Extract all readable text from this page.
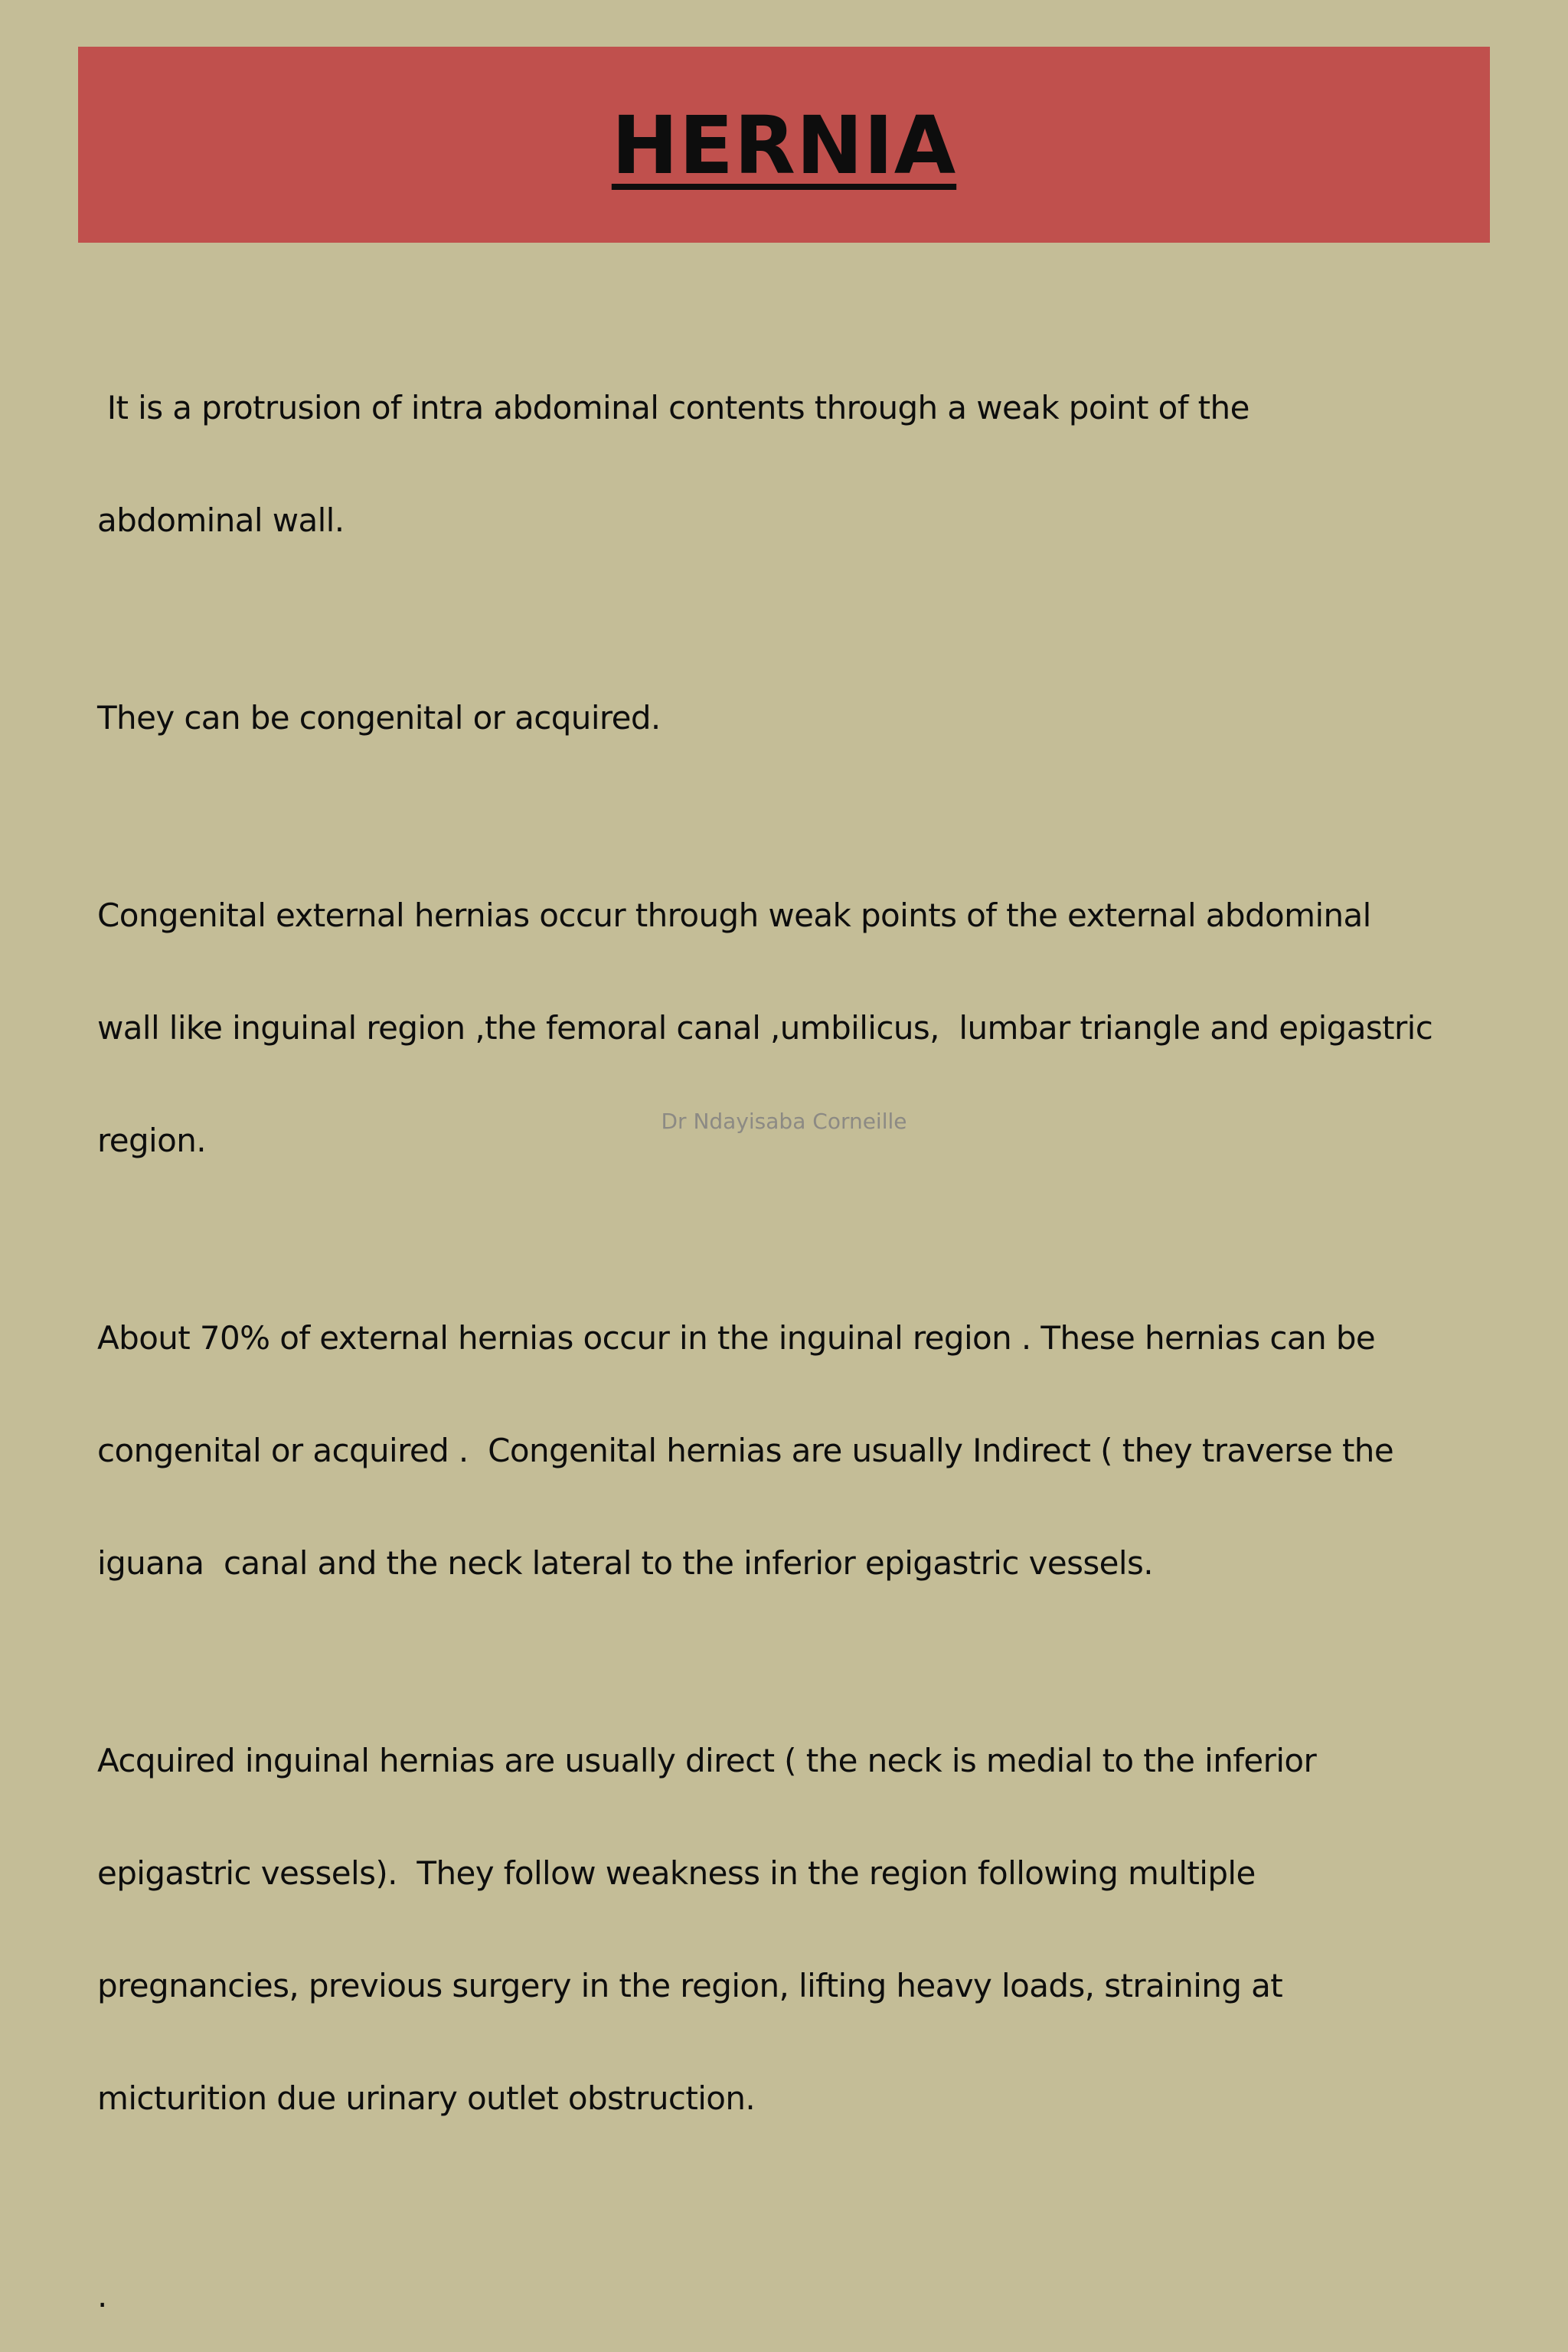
HERNIA

It is a protrusion of intra abdominal contents through a weak point of the

abdominal wall.

They can be congenital or acquired.

Congenital external hernias occur through weak points of the external abdominal

wall like inguinal region ,the femoral canal ,umbilicus,  lumbar triangle and epigastric

region.

About 70% of external hernias occur in the inguinal region . These hernias can be

congenital or acquired .  Congenital hernias are usually Indirect ( they traverse the

iguana  canal and the neck lateral to the inferior epigastric vessels.

Acquired inguinal hernias are usually direct ( the neck is medial to the inferior

epigastric vessels).  They follow weakness in the region following multiple

pregnancies, previous surgery in the region, lifting heavy loads, straining at

micturition due urinary outlet obstruction.

.

Dr Ndayisaba Corneille
